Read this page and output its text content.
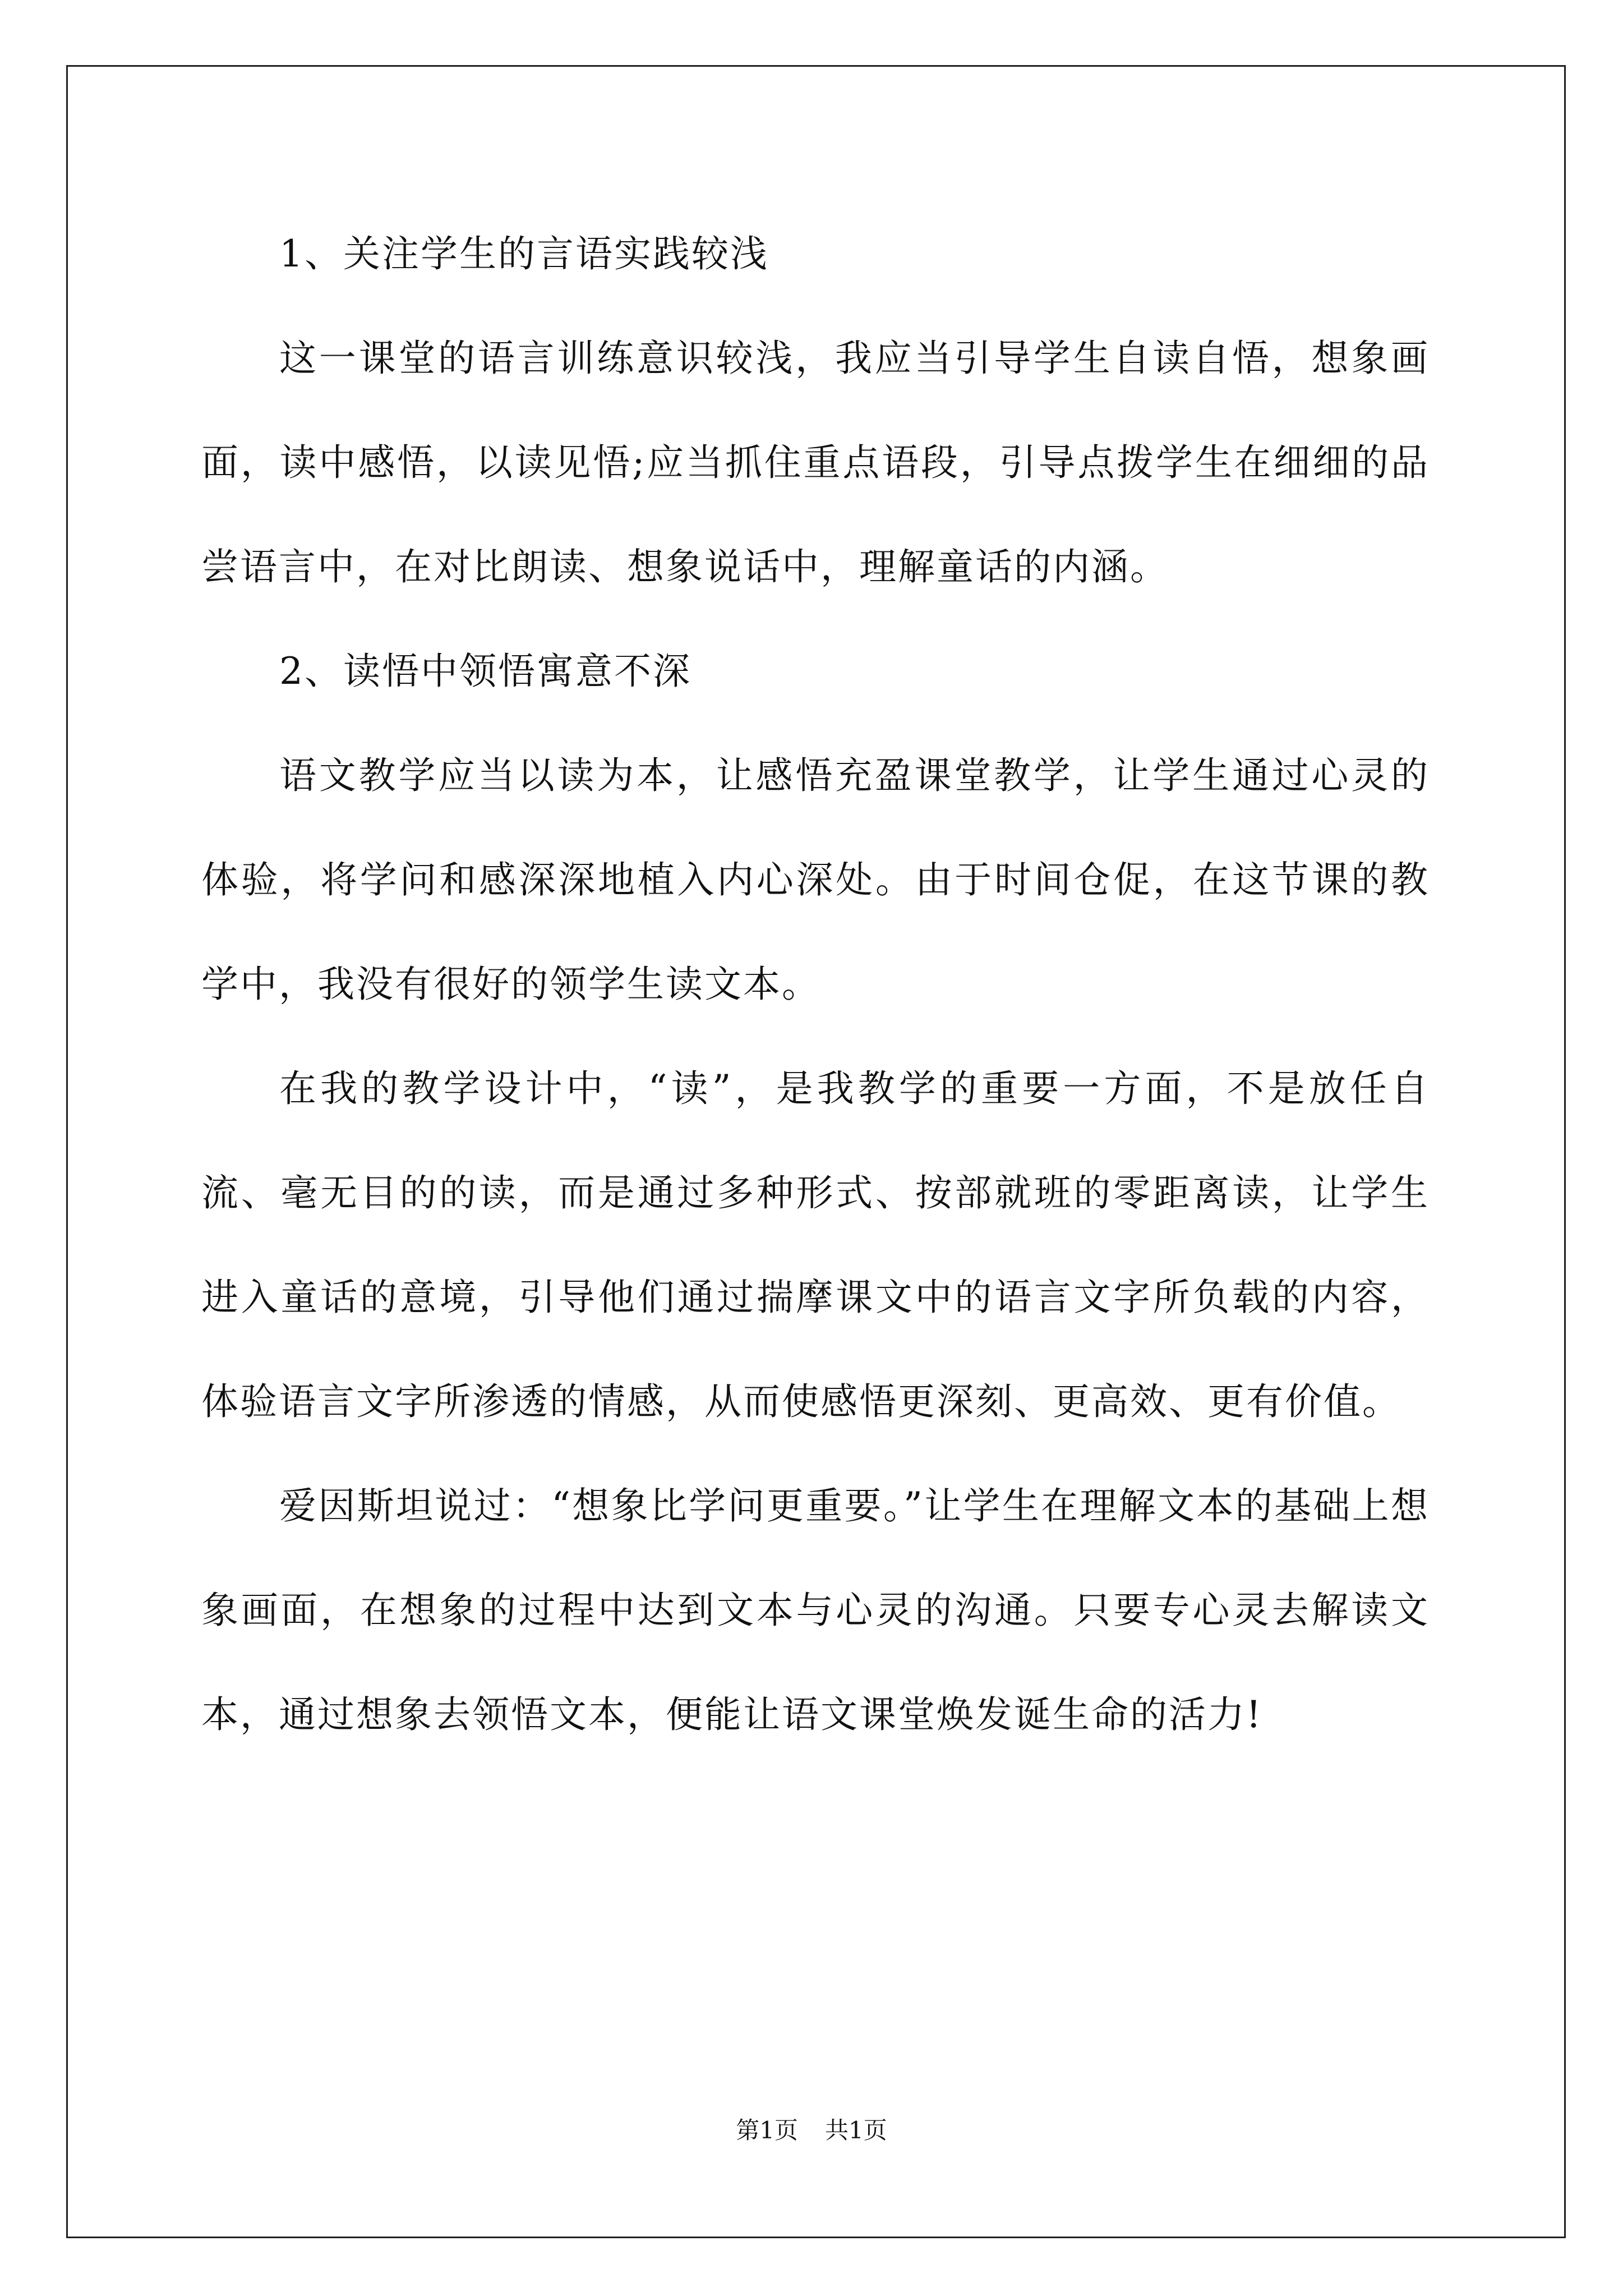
1、关注学生的言语实践较浅

这一课堂的语言训练意识较浅，我应当引导学生自读自悟，想象画面，读中感悟，以读见悟;应当抓住重点语段，引导点拨学生在细细的品尝语言中，在对比朗读、想象说话中，理解童话的内涵。

2、读悟中领悟寓意不深

语文教学应当以读为本，让感悟充盈课堂教学，让学生通过心灵的体验，将学问和感深深地植入内心深处。由于时间仓促，在这节课的教学中，我没有很好的领学生读文本。

在我的教学设计中，“读”，是我教学的重要一方面，不是放任自流、毫无目的的读，而是通过多种形式、按部就班的零距离读，让学生进入童话的意境，引导他们通过揣摩课文中的语言文字所负载的内容，体验语言文字所渗透的情感，从而使感悟更深刻、更高效、更有价值。

爱因斯坦说过：“想象比学问更重要。”让学生在理解文本的基础上想象画面，在想象的过程中达到文本与心灵的沟通。只要专心灵去解读文本，通过想象去领悟文本，便能让语文课堂焕发诞生命的活力!

第1页 共1页
